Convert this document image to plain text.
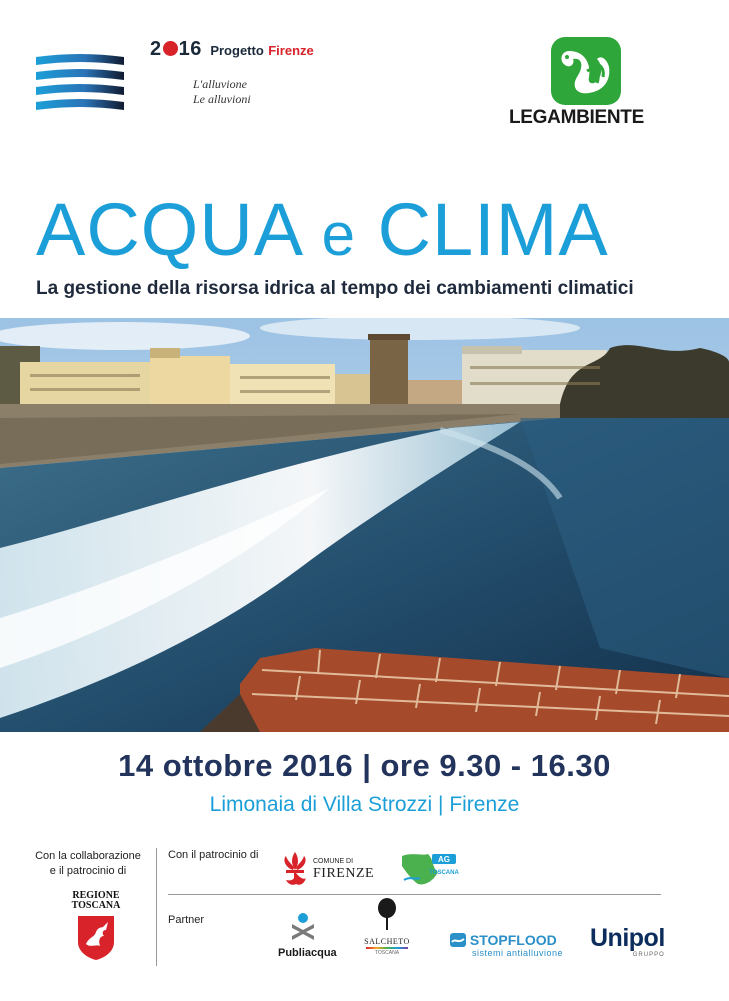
2 16 Progetto Firenze
L'alluvione
Le alluvioni
LEGAMBIENTE
ACQUA e CLIMA
La gestione della risorsa idrica al tempo dei cambiamenti climatici
14 ottobre 2016 | ore 9.30 - 16.30
Limonaia di Villa Strozzi | Firenze
Con la collaborazione
e il patrocinio di
Con il patrocinio di
Partner
REGIONE
TOSCANA
COMUNE DI
FIRENZE
AG
TOSCANA
Publiacqua
SALCHETO
TOSCANA
STOPFLOOD
sistemi antialluvione
Unipol
GRUPPO
